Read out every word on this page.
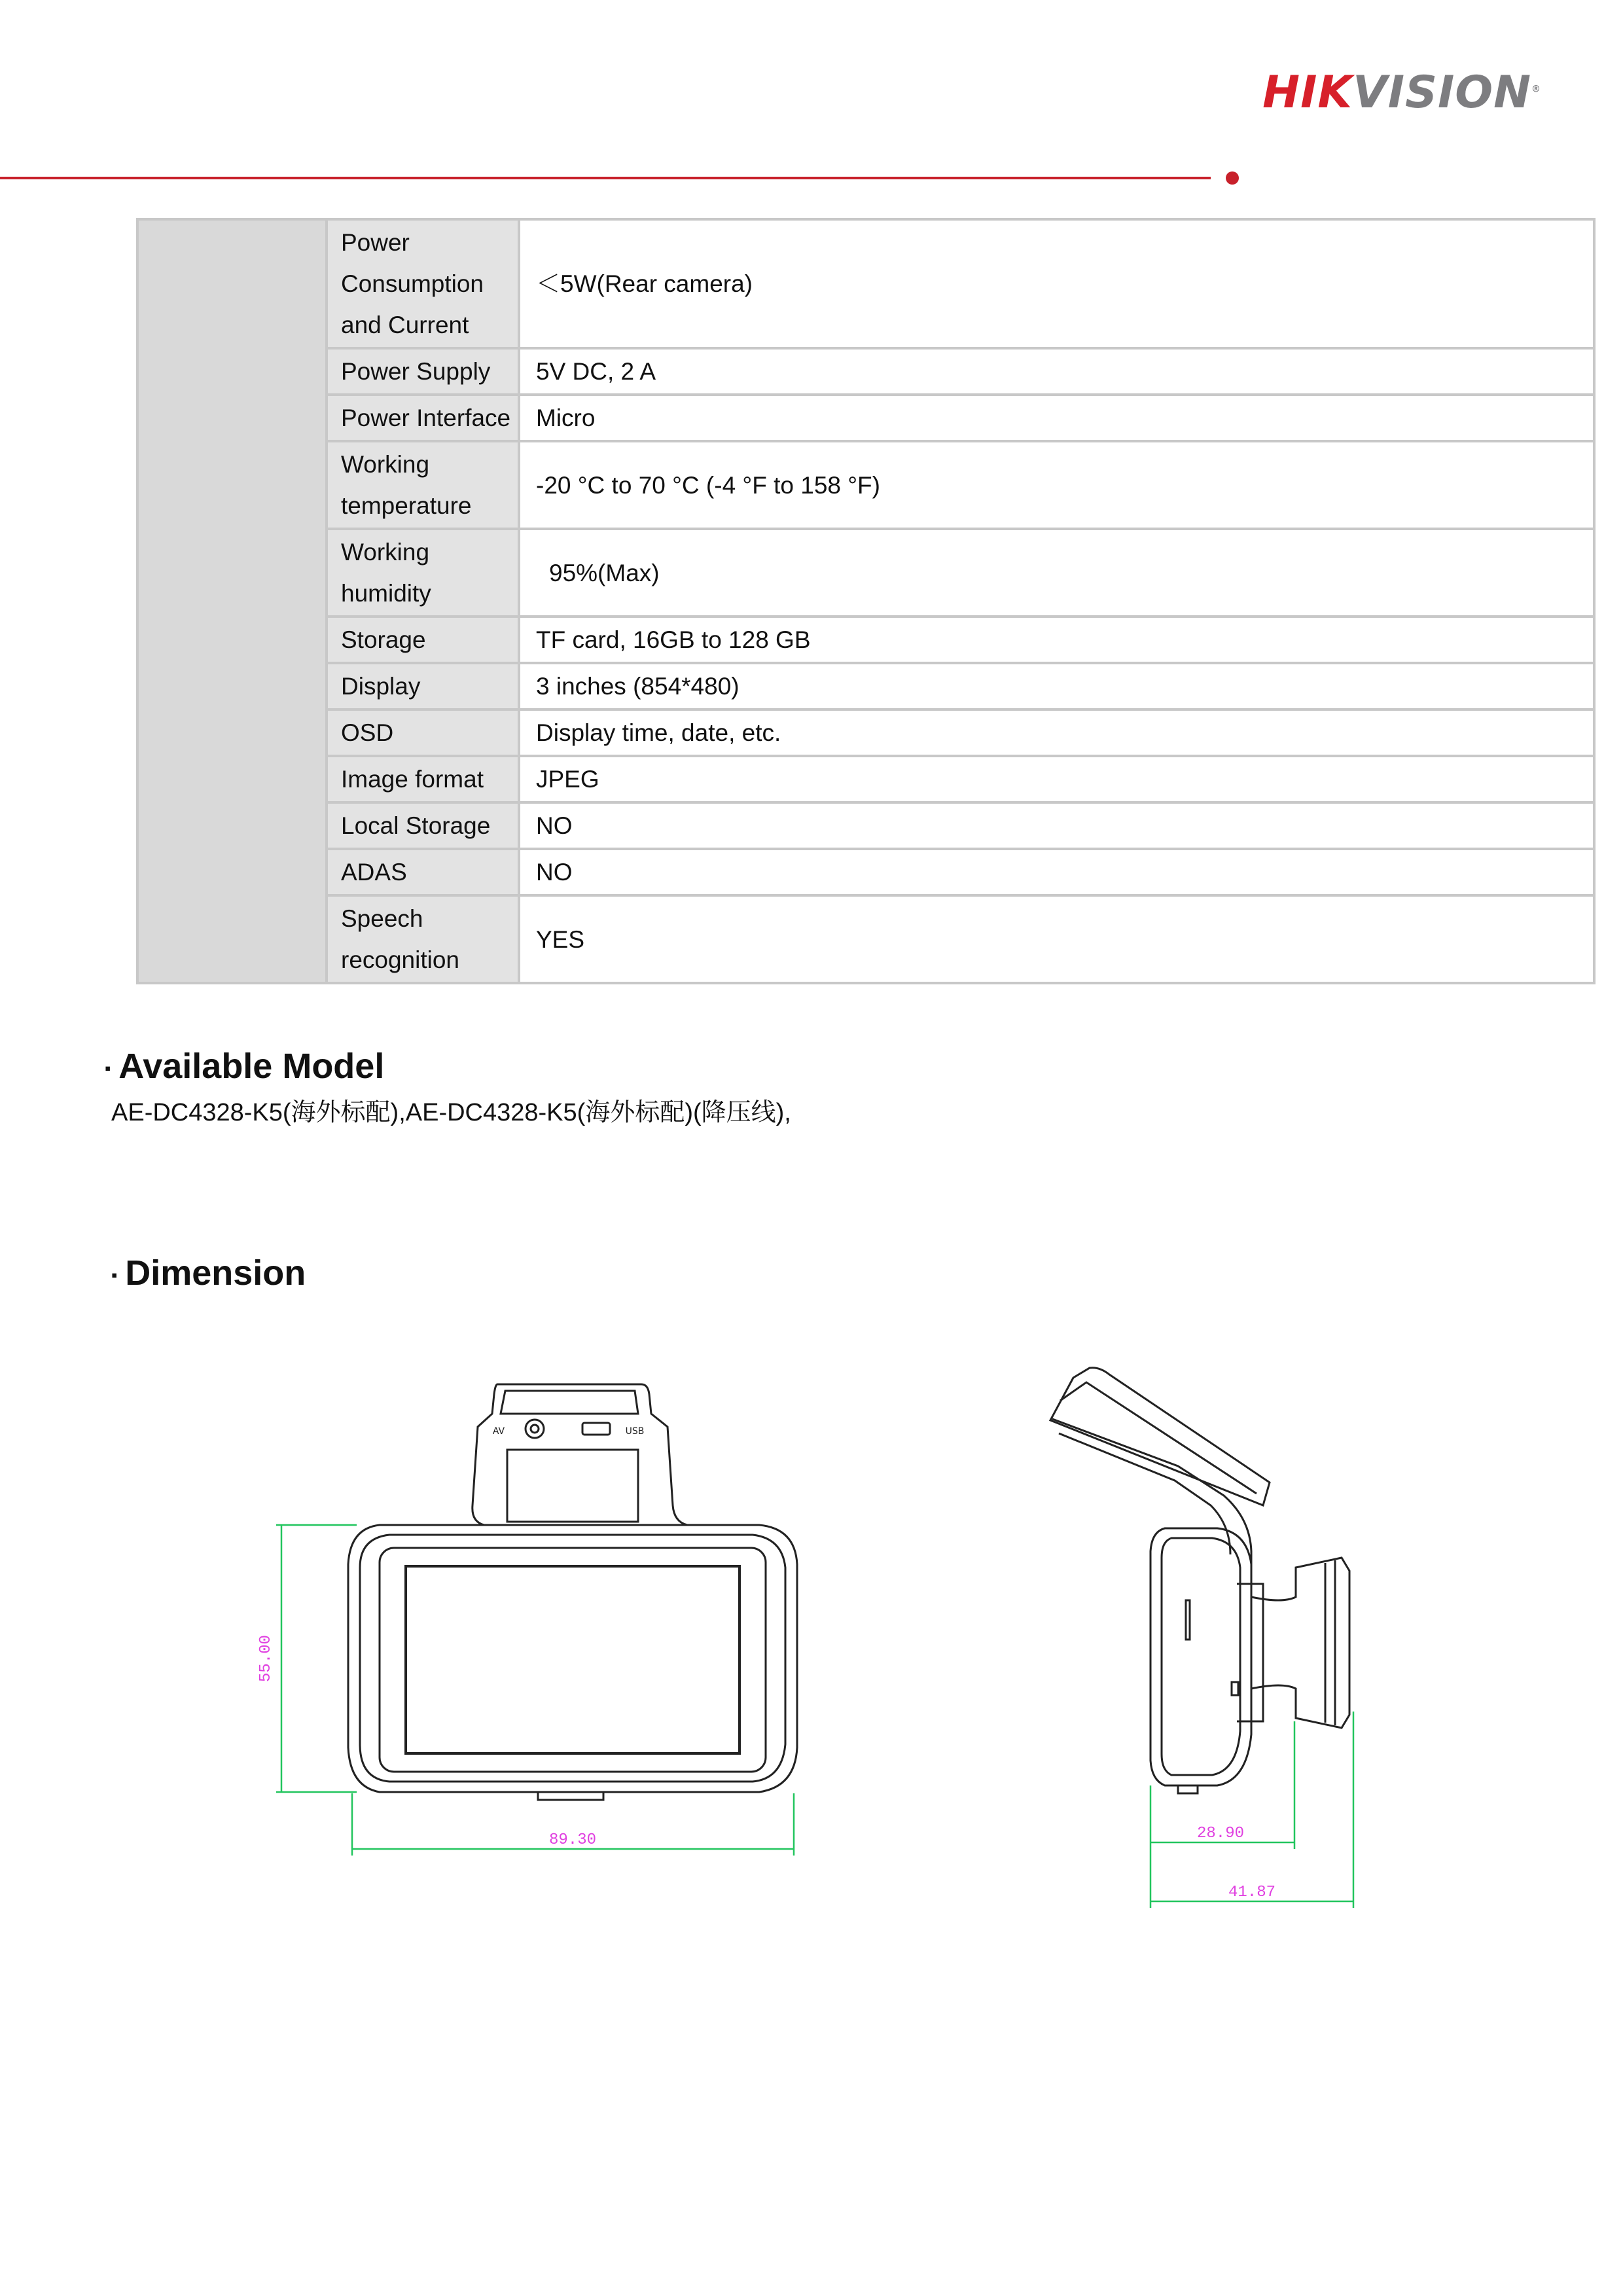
HIKVISION®
	Power Consumption and Current	＜5W(Rear camera)
	Power Supply	5V DC, 2 A
	Power Interface	Micro
	Working temperature	-20 °C to 70 °C (-4 °F to 158 °F)
	Working humidity	95%(Max)
	Storage	TF card, 16GB to 128 GB
	Display	3 inches (854*480)
	OSD	Display time, date, etc.
	Image format	JPEG
	Local Storage	NO
	ADAS	NO
	Speech recognition	YES
▪ Available Model
AE-DC4328-K5(海外标配),AE-DC4328-K5(海外标配)(降压线),
▪ Dimension
AV	USB
55.00
89.30	28.90
41.87
